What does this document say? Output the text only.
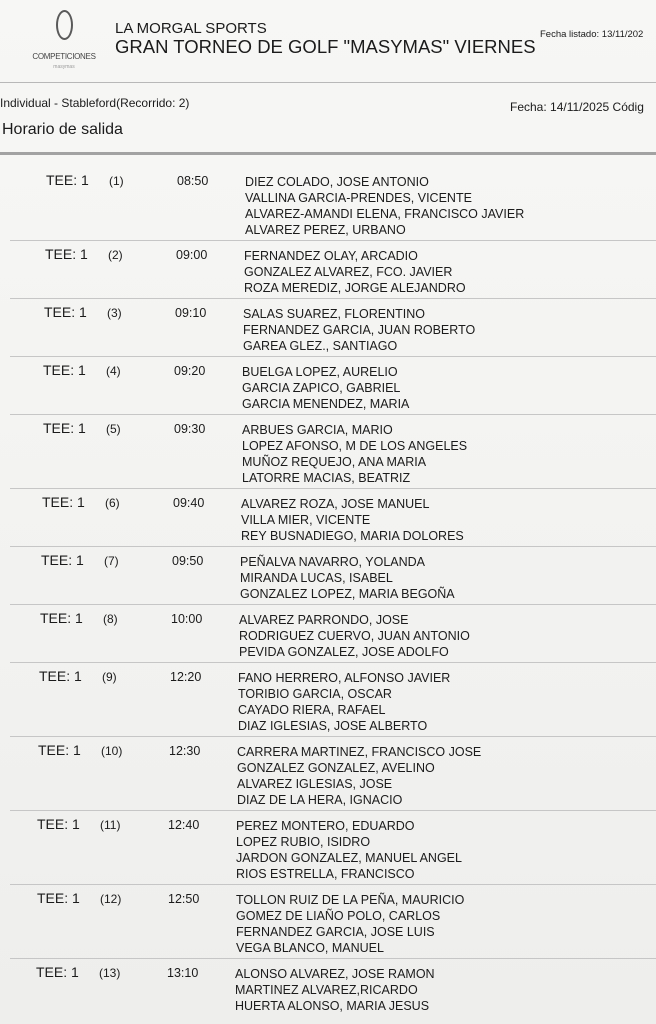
COMPETICIONES
masymas
LA MORGAL SPORTS
GRAN TORNEO DE GOLF "MASYMAS" VIERNES
Fecha listado: 13/11/202
Individual - Stableford(Recorrido: 2)	Fecha: 14/11/2025 Códig
Horario de salida
TEE: 1 (1)	08:50	DIEZ COLADO, JOSE ANTONIO
VALLINA GARCIA-PRENDES, VICENTE
ALVAREZ-AMANDI ELENA, FRANCISCO JAVIER
ALVAREZ PEREZ, URBANO
TEE: 1 (2)	09:00	FERNANDEZ OLAY, ARCADIO
GONZALEZ ALVAREZ, FCO. JAVIER
ROZA MEREDIZ, JORGE ALEJANDRO
TEE: 1 (3)	09:10	SALAS SUAREZ, FLORENTINO
FERNANDEZ GARCIA, JUAN ROBERTO
GAREA GLEZ., SANTIAGO
TEE: 1 (4)	09:20	BUELGA LOPEZ, AURELIO
GARCIA ZAPICO, GABRIEL
GARCIA MENENDEZ, MARIA
TEE: 1 (5)	09:30	ARBUES GARCIA, MARIO
LOPEZ AFONSO, M DE LOS ANGELES
MUÑOZ REQUEJO, ANA MARIA
LATORRE MACIAS, BEATRIZ
TEE: 1 (6)	09:40	ALVAREZ ROZA, JOSE MANUEL
VILLA MIER, VICENTE
REY BUSNADIEGO, MARIA DOLORES
TEE: 1 (7)	09:50	PEÑALVA NAVARRO, YOLANDA
MIRANDA LUCAS, ISABEL
GONZALEZ LOPEZ, MARIA BEGOÑA
TEE: 1 (8)	10:00	ALVAREZ PARRONDO, JOSE
RODRIGUEZ CUERVO, JUAN ANTONIO
PEVIDA GONZALEZ, JOSE ADOLFO
TEE: 1 (9)	12:20	FANO HERRERO, ALFONSO JAVIER
TORIBIO GARCIA, OSCAR
CAYADO RIERA, RAFAEL
DIAZ IGLESIAS, JOSE ALBERTO
TEE: 1 (10)	12:30	CARRERA MARTINEZ, FRANCISCO JOSE
GONZALEZ GONZALEZ, AVELINO
ALVAREZ IGLESIAS, JOSE
DIAZ DE LA HERA, IGNACIO
TEE: 1 (11)	12:40	PEREZ MONTERO, EDUARDO
LOPEZ RUBIO, ISIDRO
JARDON GONZALEZ, MANUEL ANGEL
RIOS ESTRELLA, FRANCISCO
TEE: 1 (12)	12:50	TOLLON RUIZ DE LA PEÑA, MAURICIO
GOMEZ DE LIAÑO POLO, CARLOS
FERNANDEZ GARCIA, JOSE LUIS
VEGA BLANCO, MANUEL
TEE: 1 (13)	13:10	ALONSO ALVAREZ, JOSE RAMON
MARTINEZ ALVAREZ,RICARDO
HUERTA ALONSO, MARIA JESUS
